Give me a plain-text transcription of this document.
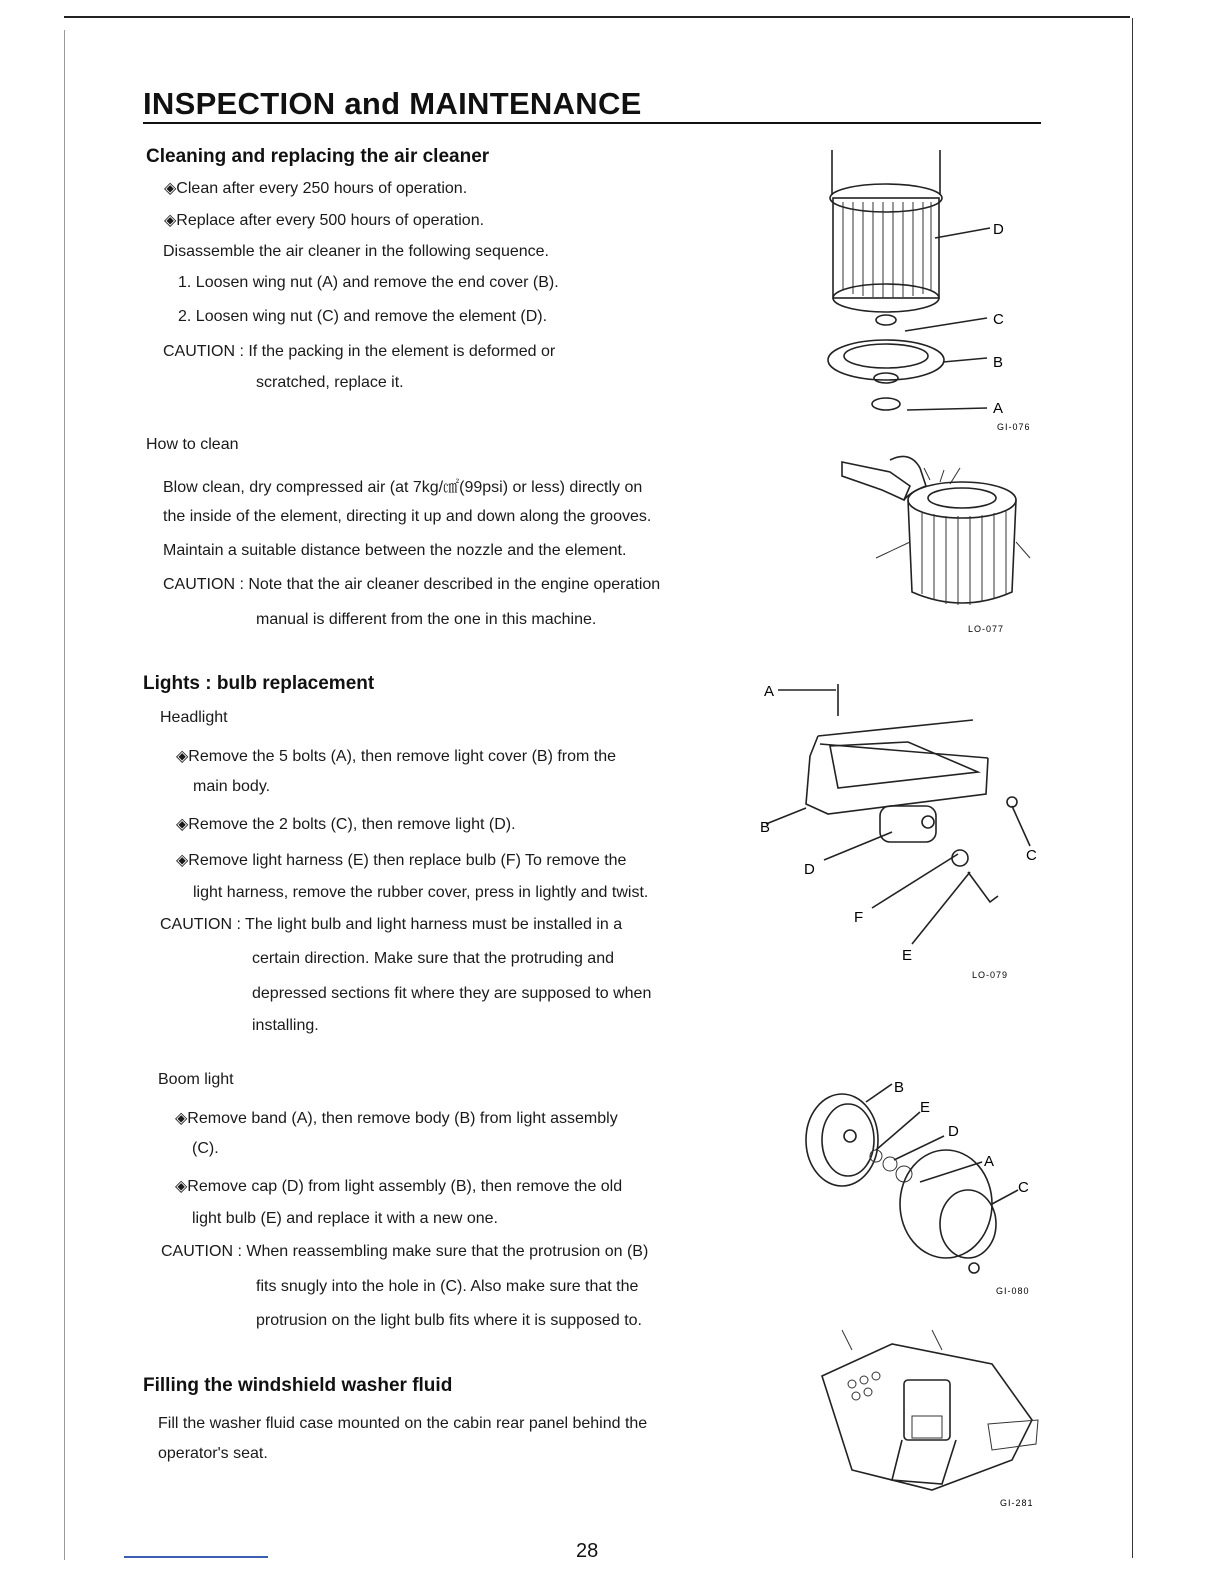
INSPECTION and MAINTENANCE
Cleaning and replacing the air cleaner
◈Clean after every 250 hours of operation.
◈Replace after every 500 hours of operation.
Disassemble the air cleaner in the following sequence.
1. Loosen wing nut (A) and remove the end cover (B).
2. Loosen wing nut (C) and remove the element (D).
CAUTION : If the packing in the element is deformed or
scratched, replace it.
D
C
B
A
GI-076
How to clean
Blow clean, dry compressed air (at 7kg/㎠(99psi) or less) directly on
the inside of the element, directing it up and down along the grooves.
Maintain a suitable distance between the nozzle and the element.
CAUTION : Note that the air cleaner described in the engine operation
manual is different from the one in this machine.
LO-077
Lights : bulb replacement
Headlight
◈Remove the 5 bolts (A), then remove light cover (B) from the
main body.
◈Remove the 2 bolts (C), then remove light (D).
◈Remove light harness (E) then replace bulb (F) To remove the
light harness, remove the rubber cover, press in lightly and twist.
CAUTION : The light bulb and light harness must be installed in a
certain direction. Make sure that the protruding and
depressed sections fit where they are supposed to when
installing.
A
B
C
D
F
E
LO-079
Boom light
◈Remove band (A), then remove body (B) from light assembly
(C).
◈Remove cap (D) from light assembly (B), then remove the old
light bulb (E) and replace it with a new one.
CAUTION : When reassembling make sure that the protrusion on (B)
fits snugly into the hole in (C). Also make sure that the
protrusion on the light bulb fits where it is supposed to.
B
E
D
A
C
GI-080
Filling the windshield washer fluid
Fill the washer fluid case mounted on the cabin rear panel behind the
operator's seat.
GI-281
28
